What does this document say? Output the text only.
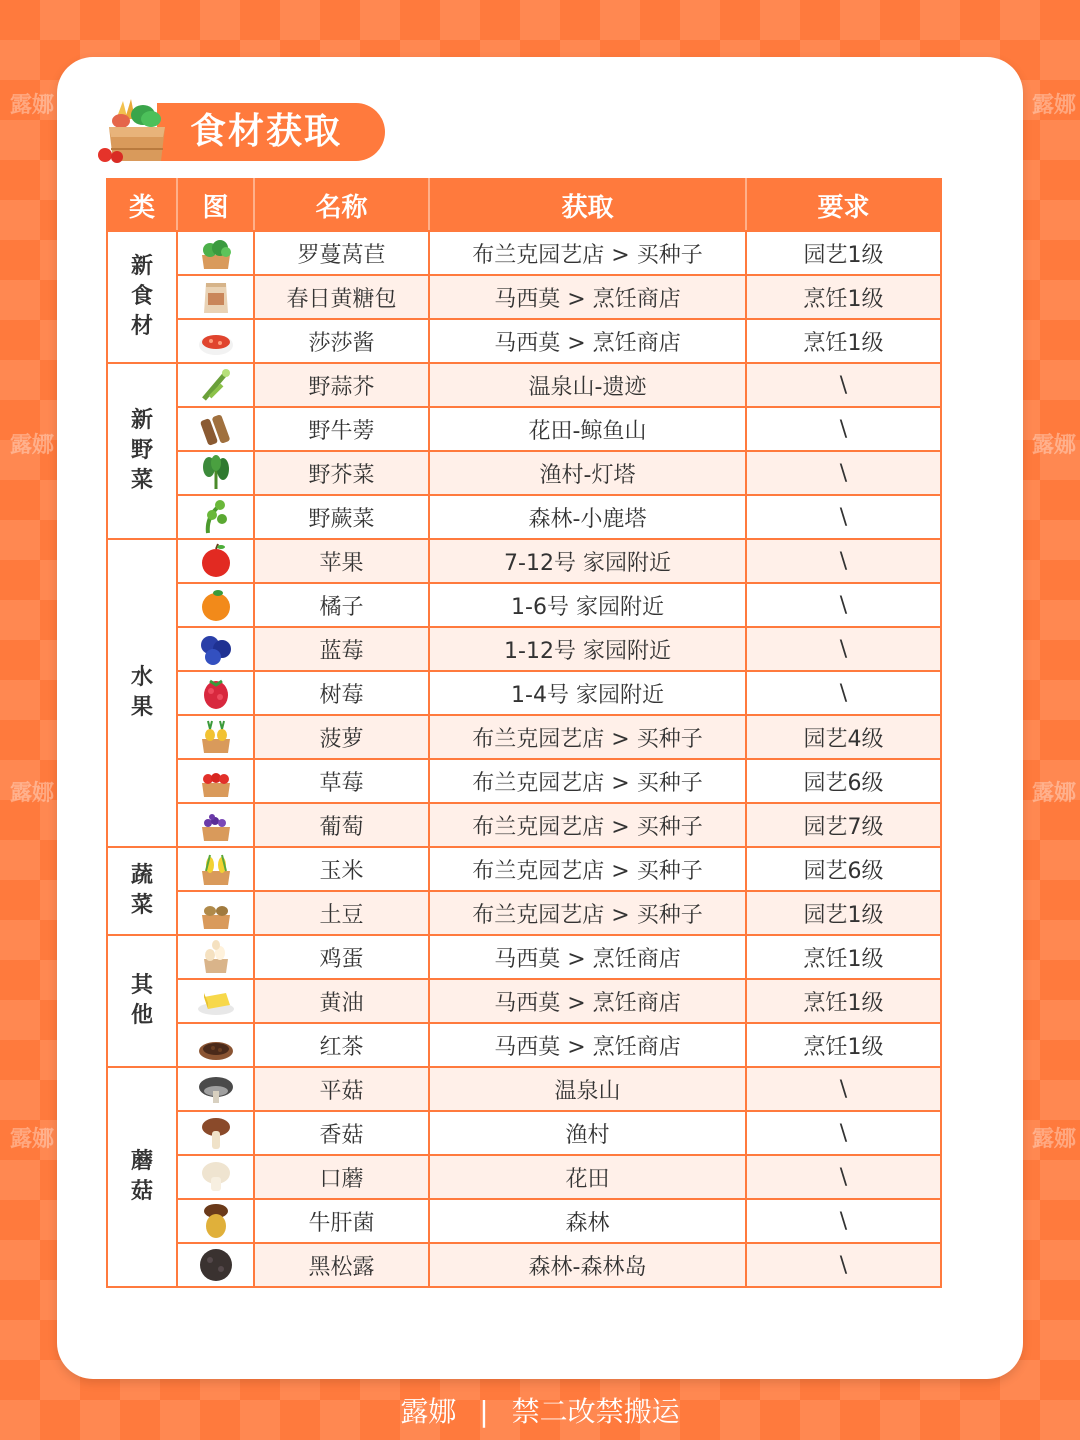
露娜	露娜
露娜	露娜
露娜	露娜
露娜	露娜
食材获取
类	图	名称	获取	要求
新食材		罗蔓莴苣	布兰克园艺店 > 买种子	园艺1级
	春日黄糖包	马西莫 > 烹饪商店	烹饪1级
	莎莎酱	马西莫 > 烹饪商店	烹饪1级
新野菜		野蒜芥	温泉山-遗迹	\
	野牛蒡	花田-鲸鱼山	\
	野芥菜	渔村-灯塔	\
	野蕨菜	森林-小鹿塔	\
水果		苹果	7-12号 家园附近	\
	橘子	1-6号 家园附近	\
	蓝莓	1-12号 家园附近	\
	树莓	1-4号 家园附近	\
	菠萝	布兰克园艺店 > 买种子	园艺4级
	草莓	布兰克园艺店 > 买种子	园艺6级
	葡萄	布兰克园艺店 > 买种子	园艺7级
蔬菜		玉米	布兰克园艺店 > 买种子	园艺6级
	土豆	布兰克园艺店 > 买种子	园艺1级
其他		鸡蛋	马西莫 > 烹饪商店	烹饪1级
	黄油	马西莫 > 烹饪商店	烹饪1级
	红茶	马西莫 > 烹饪商店	烹饪1级
蘑菇		平菇	温泉山	\
	香菇	渔村	\
	口蘑	花田	\
	牛肝菌	森林	\
	黑松露	森林-森林岛	\
露娜 | 禁二改禁搬运
